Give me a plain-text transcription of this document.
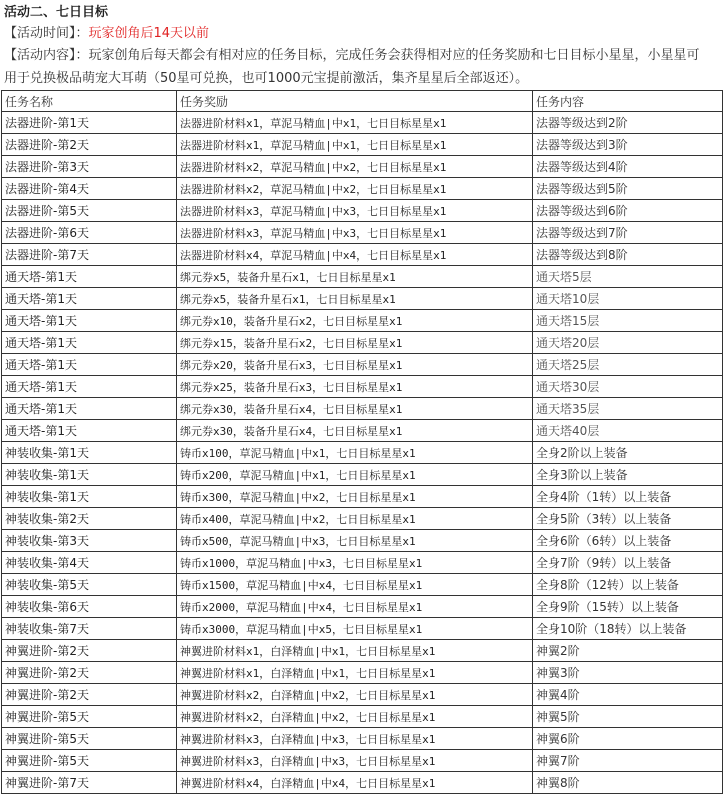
活动二、七日目标
【活动时间】：玩家创角后14天以前
【活动内容】：玩家创角后每天都会有相对应的任务目标，完成任务会获得相对应的任务奖励和七日目标小星星，小星星可
用于兑换极品萌宠大耳萌（50星可兑换，也可1000元宝提前激活，集齐星星后全部返还）。
任务名称	任务奖励	任务内容
法器进阶-第1天	法器进阶材料x1，草泥马精血|中x1，七日目标星星x1	法器等级达到2阶
法器进阶-第2天	法器进阶材料x1，草泥马精血|中x1，七日目标星星x1	法器等级达到3阶
法器进阶-第3天	法器进阶材料x2，草泥马精血|中x2，七日目标星星x1	法器等级达到4阶
法器进阶-第4天	法器进阶材料x2，草泥马精血|中x2，七日目标星星x1	法器等级达到5阶
法器进阶-第5天	法器进阶材料x3，草泥马精血|中x3，七日目标星星x1	法器等级达到6阶
法器进阶-第6天	法器进阶材料x3，草泥马精血|中x3，七日目标星星x1	法器等级达到7阶
法器进阶-第7天	法器进阶材料x4，草泥马精血|中x4，七日目标星星x1	法器等级达到8阶
通天塔-第1天	绑元券x5，装备升星石x1，七日目标星星x1	通天塔5层
通天塔-第1天	绑元券x5，装备升星石x1，七日目标星星x1	通天塔10层
通天塔-第1天	绑元券x10，装备升星石x2，七日目标星星x1	通天塔15层
通天塔-第1天	绑元券x15，装备升星石x2，七日目标星星x1	通天塔20层
通天塔-第1天	绑元券x20，装备升星石x3，七日目标星星x1	通天塔25层
通天塔-第1天	绑元券x25，装备升星石x3，七日目标星星x1	通天塔30层
通天塔-第1天	绑元券x30，装备升星石x4，七日目标星星x1	通天塔35层
通天塔-第1天	绑元券x30，装备升星石x4，七日目标星星x1	通天塔40层
神装收集-第1天	铸币x100，草泥马精血|中x1，七日目标星星x1	全身2阶以上装备
神装收集-第1天	铸币x200，草泥马精血|中x1，七日目标星星x1	全身3阶以上装备
神装收集-第1天	铸币x300，草泥马精血|中x2，七日目标星星x1	全身4阶（1转）以上装备
神装收集-第2天	铸币x400，草泥马精血|中x2，七日目标星星x1	全身5阶（3转）以上装备
神装收集-第3天	铸币x500，草泥马精血|中x3，七日目标星星x1	全身6阶（6转）以上装备
神装收集-第4天	铸币x1000，草泥马精血|中x3，七日目标星星x1	全身7阶（9转）以上装备
神装收集-第5天	铸币x1500，草泥马精血|中x4，七日目标星星x1	全身8阶（12转）以上装备
神装收集-第6天	铸币x2000，草泥马精血|中x4，七日目标星星x1	全身9阶（15转）以上装备
神装收集-第7天	铸币x3000，草泥马精血|中x5，七日目标星星x1	全身10阶（18转）以上装备
神翼进阶-第2天	神翼进阶材料x1，白泽精血|中x1，七日目标星星x1	神翼2阶
神翼进阶-第2天	神翼进阶材料x1，白泽精血|中x1，七日目标星星x1	神翼3阶
神翼进阶-第2天	神翼进阶材料x2，白泽精血|中x2，七日目标星星x1	神翼4阶
神翼进阶-第5天	神翼进阶材料x2，白泽精血|中x2，七日目标星星x1	神翼5阶
神翼进阶-第5天	神翼进阶材料x3，白泽精血|中x3，七日目标星星x1	神翼6阶
神翼进阶-第5天	神翼进阶材料x3，白泽精血|中x3，七日目标星星x1	神翼7阶
神翼进阶-第7天	神翼进阶材料x4，白泽精血|中x4，七日目标星星x1	神翼8阶
